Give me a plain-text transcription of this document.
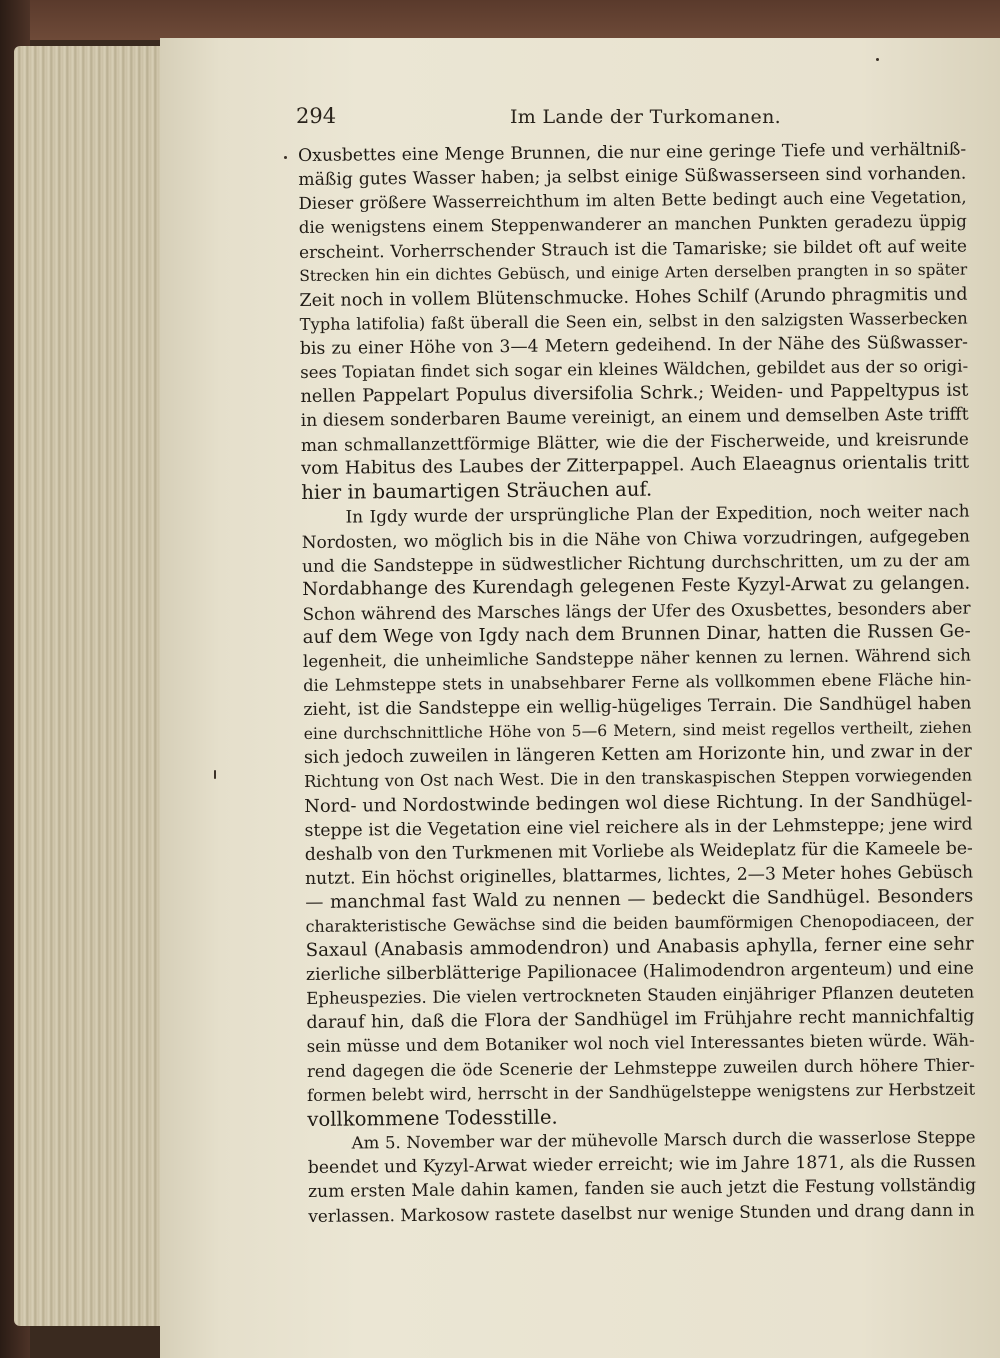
294	Im Lande der Turkomanen.
Oxusbettes eine Menge Brunnen, die nur eine geringe Tiefe und verhältniß-
mäßig gutes Wasser haben; ja selbst einige Süßwasserseen sind vorhanden.
Dieser größere Wasserreichthum im alten Bette bedingt auch eine Vegetation,
die wenigstens einem Steppenwanderer an manchen Punkten geradezu üppig
erscheint. Vorherrschender Strauch ist die Tamariske; sie bildet oft auf weite
Strecken hin ein dichtes Gebüsch, und einige Arten derselben prangten in so später
Zeit noch in vollem Blütenschmucke. Hohes Schilf (Arundo phragmitis und
Typha latifolia) faßt überall die Seen ein, selbst in den salzigsten Wasserbecken
bis zu einer Höhe von 3—4 Metern gedeihend. In der Nähe des Süßwasser-
sees Topiatan findet sich sogar ein kleines Wäldchen, gebildet aus der so origi-
nellen Pappelart Populus diversifolia Schrk.; Weiden- und Pappeltypus ist
in diesem sonderbaren Baume vereinigt, an einem und demselben Aste trifft
man schmallanzettförmige Blätter, wie die der Fischerweide, und kreisrunde
vom Habitus des Laubes der Zitterpappel. Auch Elaeagnus orientalis tritt
hier in baumartigen Sträuchen auf.
In Igdy wurde der ursprüngliche Plan der Expedition, noch weiter nach
Nordosten, wo möglich bis in die Nähe von Chiwa vorzudringen, aufgegeben
und die Sandsteppe in südwestlicher Richtung durchschritten, um zu der am
Nordabhange des Kurendagh gelegenen Feste Kyzyl-Arwat zu gelangen.
Schon während des Marsches längs der Ufer des Oxusbettes, besonders aber
auf dem Wege von Igdy nach dem Brunnen Dinar, hatten die Russen Ge-
legenheit, die unheimliche Sandsteppe näher kennen zu lernen. Während sich
die Lehmsteppe stets in unabsehbarer Ferne als vollkommen ebene Fläche hin-
zieht, ist die Sandsteppe ein wellig-hügeliges Terrain. Die Sandhügel haben
eine durchschnittliche Höhe von 5—6 Metern, sind meist regellos vertheilt, ziehen
sich jedoch zuweilen in längeren Ketten am Horizonte hin, und zwar in der
Richtung von Ost nach West. Die in den transkaspischen Steppen vorwiegenden
Nord- und Nordostwinde bedingen wol diese Richtung. In der Sandhügel-
steppe ist die Vegetation eine viel reichere als in der Lehmsteppe; jene wird
deshalb von den Turkmenen mit Vorliebe als Weideplatz für die Kameele be-
nutzt. Ein höchst originelles, blattarmes, lichtes, 2—3 Meter hohes Gebüsch
— manchmal fast Wald zu nennen — bedeckt die Sandhügel. Besonders
charakteristische Gewächse sind die beiden baumförmigen Chenopodiaceen, der
Saxaul (Anabasis ammodendron) und Anabasis aphylla, ferner eine sehr
zierliche silberblätterige Papilionacee (Halimodendron argenteum) und eine
Epheuspezies. Die vielen vertrockneten Stauden einjähriger Pflanzen deuteten
darauf hin, daß die Flora der Sandhügel im Frühjahre recht mannichfaltig
sein müsse und dem Botaniker wol noch viel Interessantes bieten würde. Wäh-
rend dagegen die öde Scenerie der Lehmsteppe zuweilen durch höhere Thier-
formen belebt wird, herrscht in der Sandhügelsteppe wenigstens zur Herbstzeit
vollkommene Todesstille.
Am 5. November war der mühevolle Marsch durch die wasserlose Steppe
beendet und Kyzyl-Arwat wieder erreicht; wie im Jahre 1871, als die Russen
zum ersten Male dahin kamen, fanden sie auch jetzt die Festung vollständig
verlassen. Markosow rastete daselbst nur wenige Stunden und drang dann in
